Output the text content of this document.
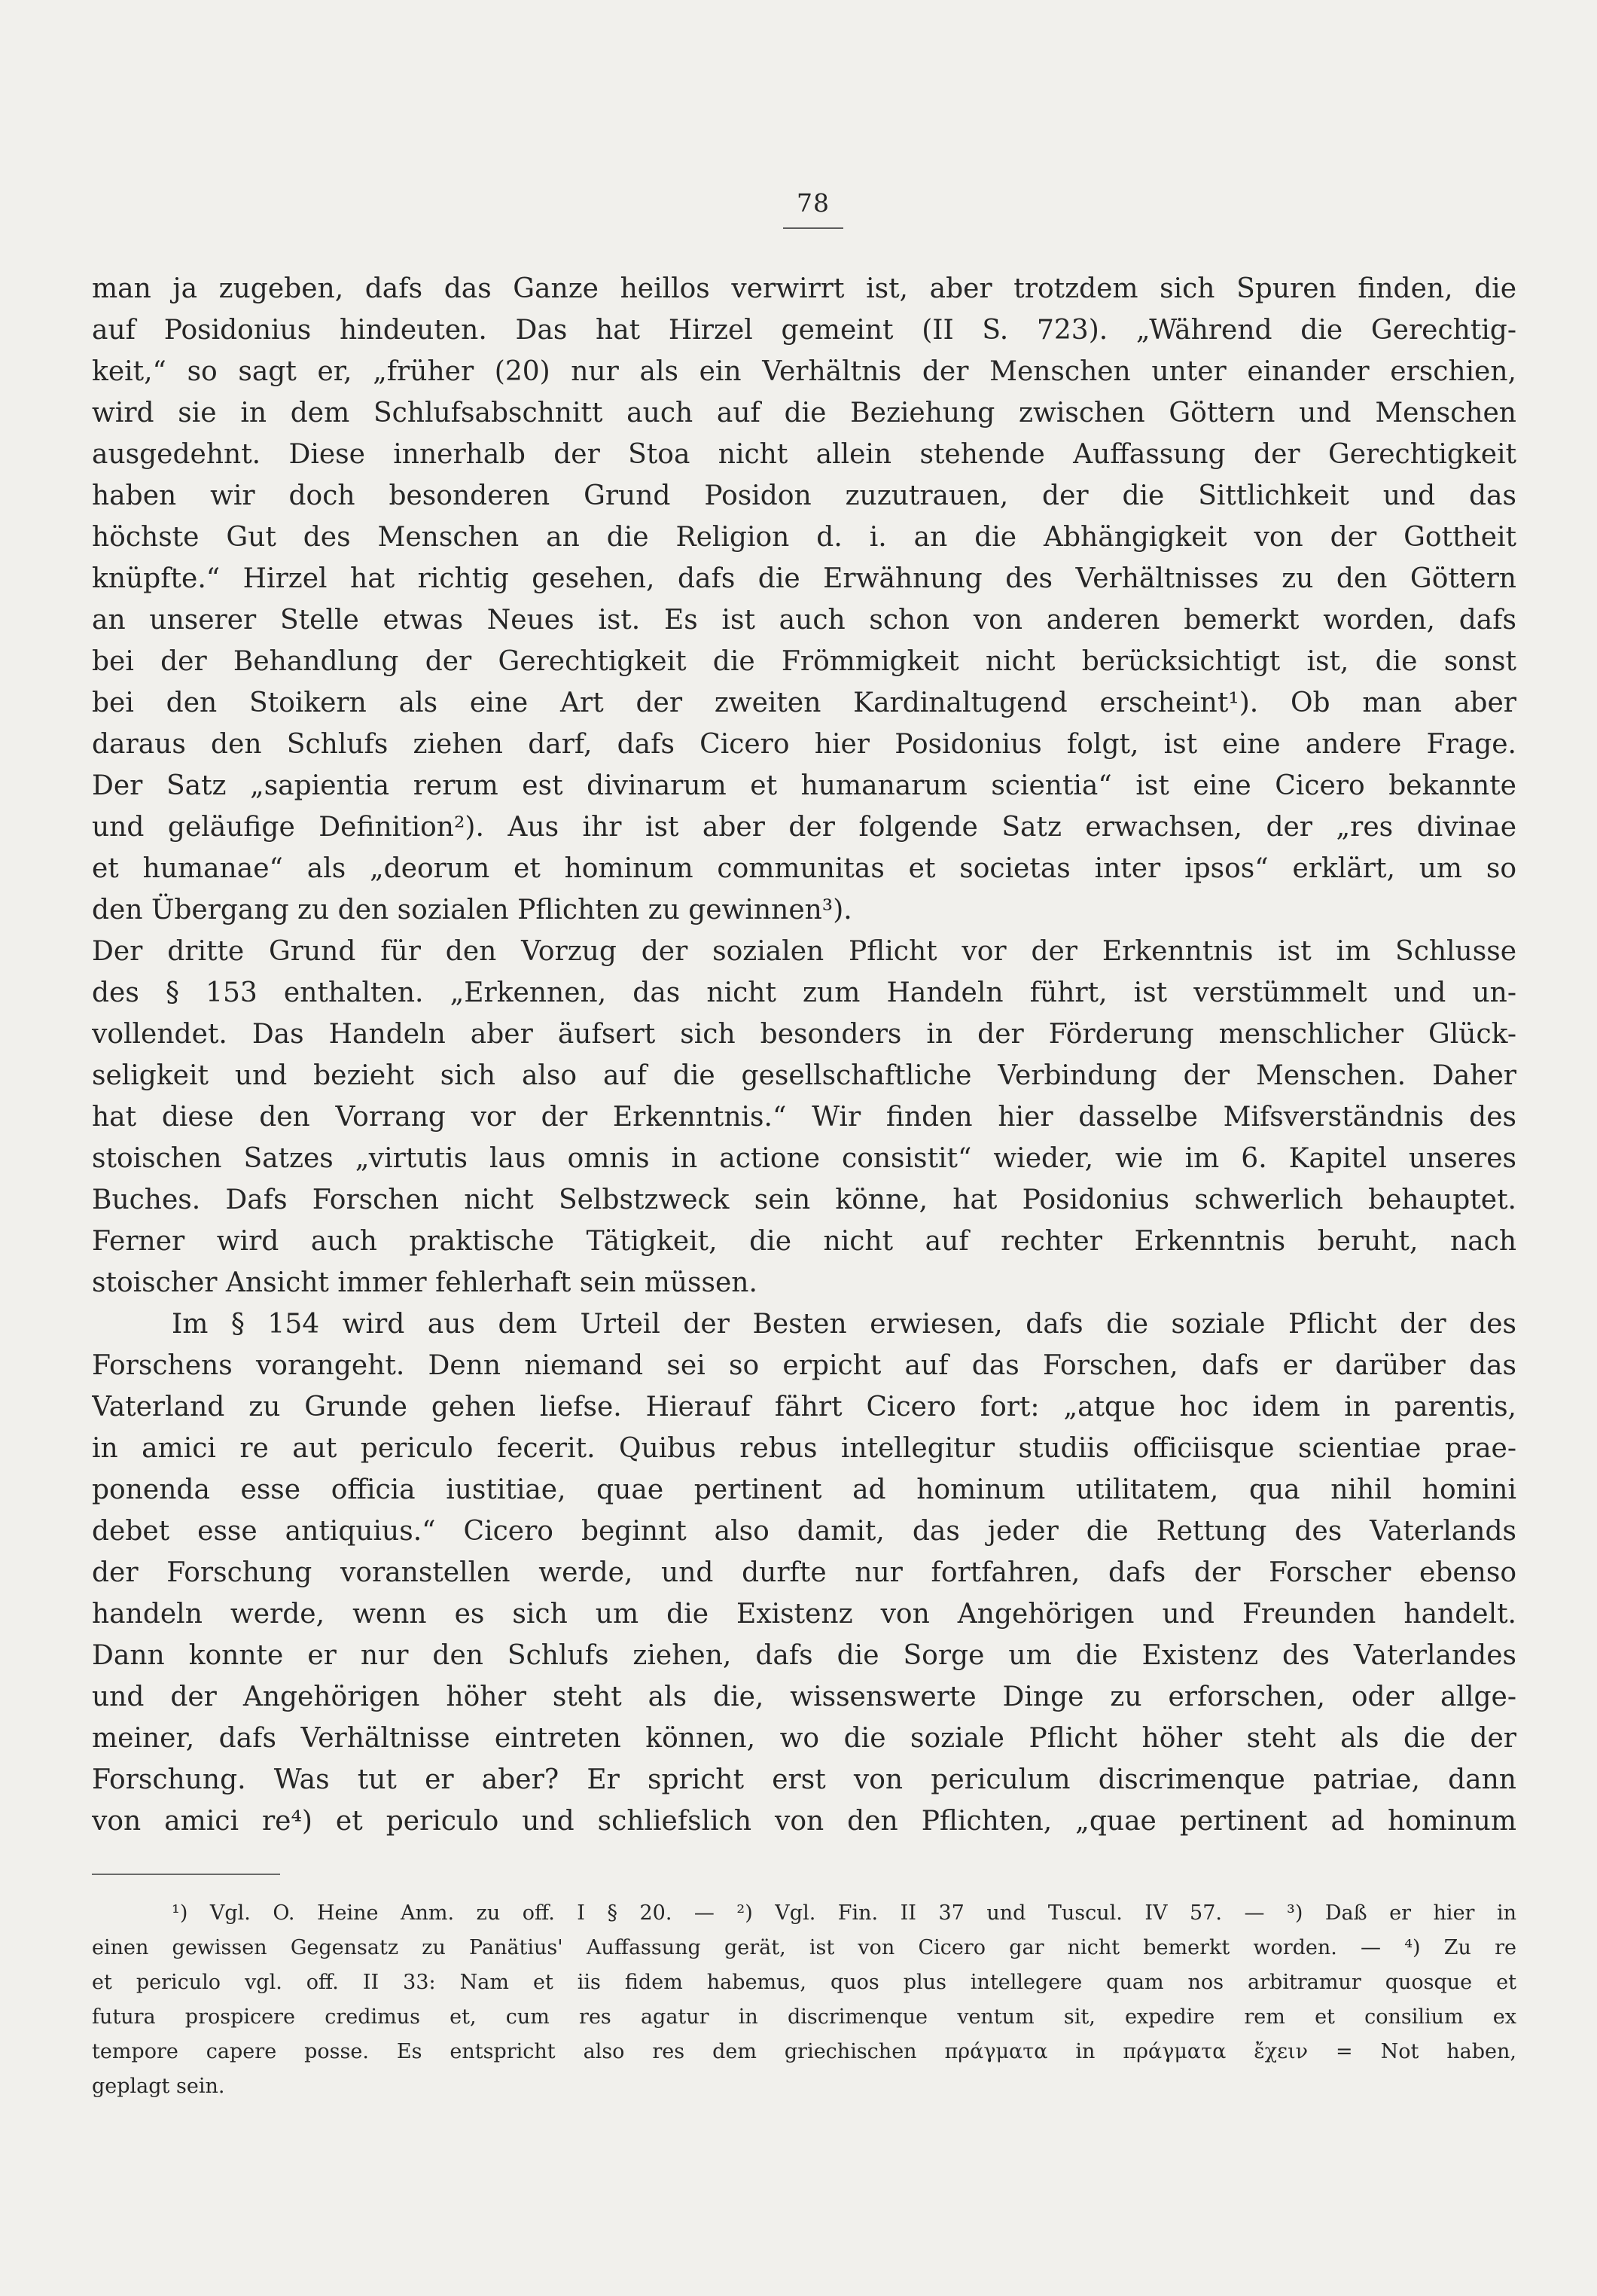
78
man ja zugeben, dafs das Ganze heillos verwirrt ist, aber trotzdem sich Spuren finden, die
auf Posidonius hindeuten. Das hat Hirzel gemeint (II S. 723). „Während die Gerechtig-
keit,“ so sagt er, „früher (20) nur als ein Verhältnis der Menschen unter einander erschien,
wird sie in dem Schlufsabschnitt auch auf die Beziehung zwischen Göttern und Menschen
ausgedehnt. Diese innerhalb der Stoa nicht allein stehende Auffassung der Gerechtigkeit
haben wir doch besonderen Grund Posidon zuzutrauen, der die Sittlichkeit und das
höchste Gut des Menschen an die Religion d. i. an die Abhängigkeit von der Gottheit
knüpfte.“ Hirzel hat richtig gesehen, dafs die Erwähnung des Verhältnisses zu den Göttern
an unserer Stelle etwas Neues ist. Es ist auch schon von anderen bemerkt worden, dafs
bei der Behandlung der Gerechtigkeit die Frömmigkeit nicht berücksichtigt ist, die sonst
bei den Stoikern als eine Art der zweiten Kardinaltugend erscheint¹). Ob man aber
daraus den Schlufs ziehen darf, dafs Cicero hier Posidonius folgt, ist eine andere Frage.
Der Satz „sapientia rerum est divinarum et humanarum scientia“ ist eine Cicero bekannte
und geläufige Definition²). Aus ihr ist aber der folgende Satz erwachsen, der „res divinae
et humanae“ als „deorum et hominum communitas et societas inter ipsos“ erklärt, um so
den Übergang zu den sozialen Pflichten zu gewinnen³).
Der dritte Grund für den Vorzug der sozialen Pflicht vor der Erkenntnis ist im Schlusse
des § 153 enthalten. „Erkennen, das nicht zum Handeln führt, ist verstümmelt und un-
vollendet. Das Handeln aber äufsert sich besonders in der Förderung menschlicher Glück-
seligkeit und bezieht sich also auf die gesellschaftliche Verbindung der Menschen. Daher
hat diese den Vorrang vor der Erkenntnis.“ Wir finden hier dasselbe Mifsverständnis des
stoischen Satzes „virtutis laus omnis in actione consistit“ wieder, wie im 6. Kapitel unseres
Buches. Dafs Forschen nicht Selbstzweck sein könne, hat Posidonius schwerlich behauptet.
Ferner wird auch praktische Tätigkeit, die nicht auf rechter Erkenntnis beruht, nach
stoischer Ansicht immer fehlerhaft sein müssen.
Im § 154 wird aus dem Urteil der Besten erwiesen, dafs die soziale Pflicht der des
Forschens vorangeht. Denn niemand sei so erpicht auf das Forschen, dafs er darüber das
Vaterland zu Grunde gehen liefse. Hierauf fährt Cicero fort: „atque hoc idem in parentis,
in amici re aut periculo fecerit. Quibus rebus intellegitur studiis officiisque scientiae prae-
ponenda esse officia iustitiae, quae pertinent ad hominum utilitatem, qua nihil homini
debet esse antiquius.“ Cicero beginnt also damit, das jeder die Rettung des Vaterlands
der Forschung voranstellen werde, und durfte nur fortfahren, dafs der Forscher ebenso
handeln werde, wenn es sich um die Existenz von Angehörigen und Freunden handelt.
Dann konnte er nur den Schlufs ziehen, dafs die Sorge um die Existenz des Vaterlandes
und der Angehörigen höher steht als die, wissenswerte Dinge zu erforschen, oder allge-
meiner, dafs Verhältnisse eintreten können, wo die soziale Pflicht höher steht als die der
Forschung. Was tut er aber? Er spricht erst von periculum discrimenque patriae, dann
von amici re⁴) et periculo und schliefslich von den Pflichten, „quae pertinent ad hominum
¹) Vgl. O. Heine Anm. zu off. I § 20. — ²) Vgl. Fin. II 37 und Tuscul. IV 57. — ³) Daß er hier in
einen gewissen Gegensatz zu Panätius' Auffassung gerät, ist von Cicero gar nicht bemerkt worden. — ⁴) Zu re
et periculo vgl. off. II 33: Nam et iis fidem habemus, quos plus intellegere quam nos arbitramur quosque et
futura prospicere credimus et, cum res agatur in discrimenque ventum sit, expedire rem et consilium ex
tempore capere posse. Es entspricht also res dem griechischen πράγματα in πράγματα ἔχειν = Not haben,
geplagt sein.
